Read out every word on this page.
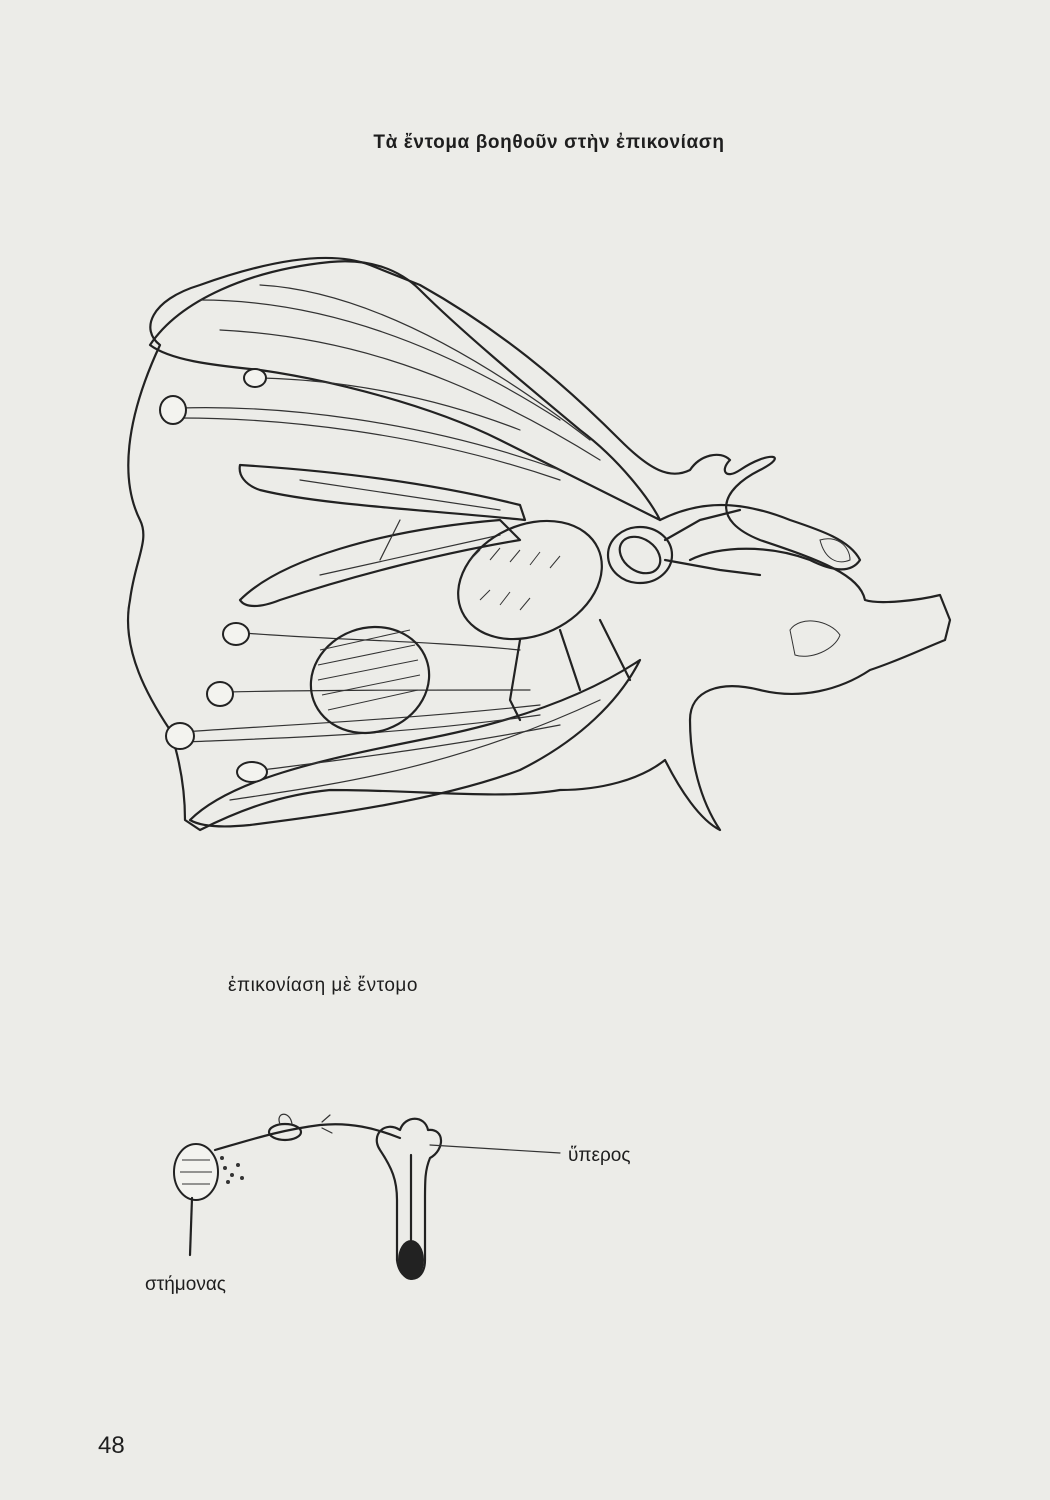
Tὰ ἔντομα βοηθοῦν στὴν ἐπικονίαση
ἐπικονίαση μὲ ἔντομο
ὕπερος
στήμονας
48
